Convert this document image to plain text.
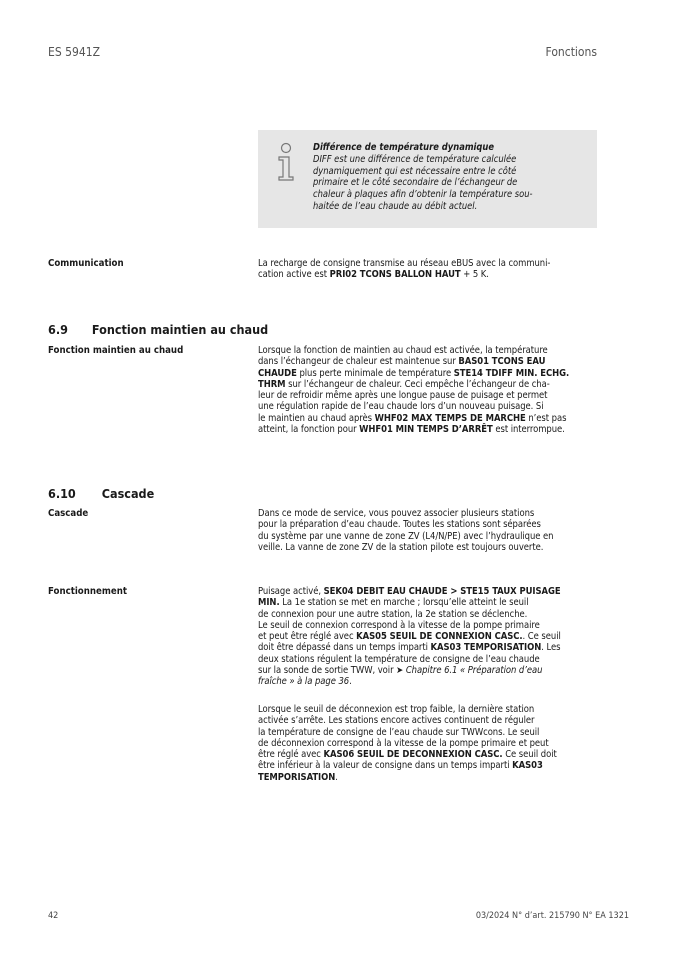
ES 5941Z	Fonctions
Différence de température dynamique
DIFF est une différence de température calculée
dynamiquement qui est nécessaire entre le côté
primaire et le côté secondaire de l’échangeur de
chaleur à plaques afin d’obtenir la température sou-
haitée de l’eau chaude au débit actuel.
Communication	La recharge de consigne transmise au réseau eBUS avec la communi-
cation active est PRI02 TCONS BALLON HAUT + 5 K.
6.9 Fonction maintien au chaud
Fonction maintien au chaud	Lorsque la fonction de maintien au chaud est activée, la température
dans l’échangeur de chaleur est maintenue sur BAS01 TCONS EAU
CHAUDE plus perte minimale de température STE14 TDIFF MIN. ECHG.
THRM sur l’échangeur de chaleur. Ceci empêche l’échangeur de cha-
leur de refroidir même après une longue pause de puisage et permet
une régulation rapide de l’eau chaude lors d’un nouveau puisage. Si
le maintien au chaud après WHF02 MAX TEMPS DE MARCHE n’est pas
atteint, la fonction pour WHF01 MIN TEMPS D’ARRÊT est interrompue.
6.10 Cascade
Cascade	Dans ce mode de service, vous pouvez associer plusieurs stations
pour la préparation d’eau chaude. Toutes les stations sont séparées
du système par une vanne de zone ZV (L4/N/PE) avec l’hydraulique en
veille. La vanne de zone ZV de la station pilote est toujours ouverte.
Fonctionnement	Puisage activé, SEK04 DEBIT EAU CHAUDE > STE15 TAUX PUISAGE
MIN. La 1e station se met en marche ; lorsqu’elle atteint le seuil
de connexion pour une autre station, la 2e station se déclenche.
Le seuil de connexion correspond à la vitesse de la pompe primaire
et peut être réglé avec KAS05 SEUIL DE CONNEXION CASC.. Ce seuil
doit être dépassé dans un temps imparti KAS03 TEMPORISATION. Les
deux stations régulent la température de consigne de l’eau chaude
sur la sonde de sortie TWW, voir ➤ Chapitre 6.1 « Préparation d’eau
fraîche » à la page 36.
Lorsque le seuil de déconnexion est trop faible, la dernière station
activée s’arrête. Les stations encore actives continuent de réguler
la température de consigne de l’eau chaude sur TWWcons. Le seuil
de déconnexion correspond à la vitesse de la pompe primaire et peut
être réglé avec KAS06 SEUIL DE DECONNEXION CASC. Ce seuil doit
être inférieur à la valeur de consigne dans un temps imparti KAS03
TEMPORISATION.
42	03/2024 N° d’art. 215790 N° EA 1321
